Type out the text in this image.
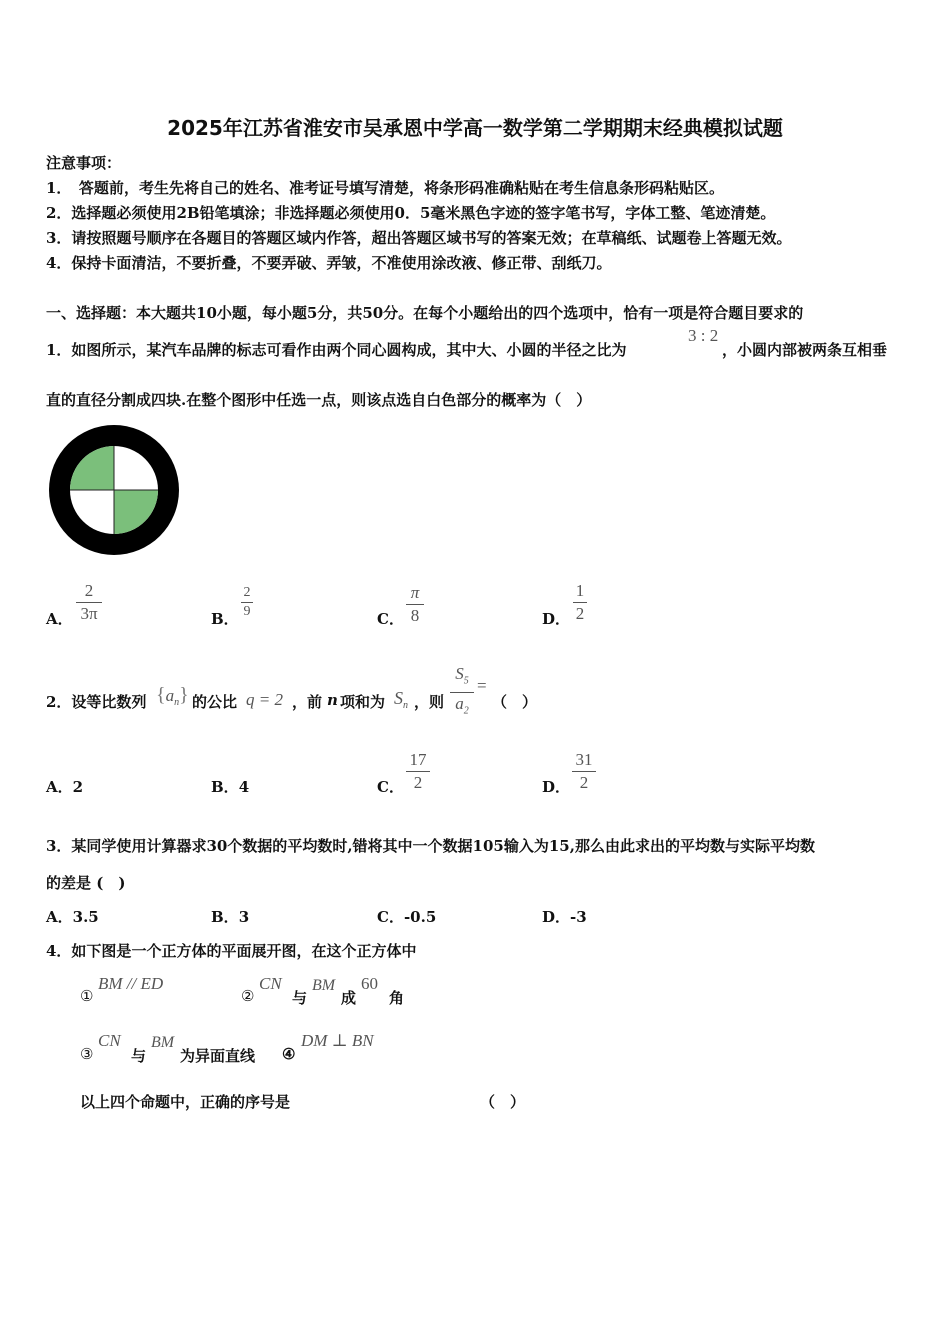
2025年江苏省淮安市吴承恩中学高一数学第二学期期末经典模拟试题
注意事项：
1．　答题前，考生先将自己的姓名、准考证号填写清楚，将条形码准确粘贴在考生信息条形码粘贴区。
2．选择题必须使用2B铅笔填涂；非选择题必须使用0．5毫米黑色字迹的签字笔书写，字体工整、笔迹清楚。
3．请按照题号顺序在各题目的答题区域内作答，超出答题区域书写的答案无效；在草稿纸、试题卷上答题无效。
4．保持卡面清洁，不要折叠，不要弄破、弄皱，不准使用涂改液、修正带、刮纸刀。
一、选择题：本大题共10小题，每小题5分，共50分。在每个小题给出的四个选项中，恰有一项是符合题目要求的
1．如图所示，某汽车品牌的标志可看作由两个同心圆构成，其中大、小圆的半径之比为
3 : 2
，小圆内部被两条互相垂
直的直径分割成四块.在整个图形中任选一点，则该点选自白色部分的概率为（　）
A．
2
3π	B．
2
9	C．
π
8	D．
1
2
2．设等比数列 $\{a_n\}$ 的公比 q = 2 ，前 n 项和为 $S_n$ ，则
$S_5$
$a_2$
=
（　）
A．2	B．4	C．
17
2	D．
31
2
3．某同学使用计算器求30个数据的平均数时,错将其中一个数据105输入为15,那么由此求出的平均数与实际平均数
的差是 (　)
A．3.5	B．3	C．-0.5	D．-3
4．如下图是一个正方体的平面展开图，在这个正方体中
①
BM // ED
②
CN
与
BM
成
60
角
③
CN
与
BM
为异面直线 ④
DM ⊥ BN
以上四个命题中，正确的序号是	（　）
